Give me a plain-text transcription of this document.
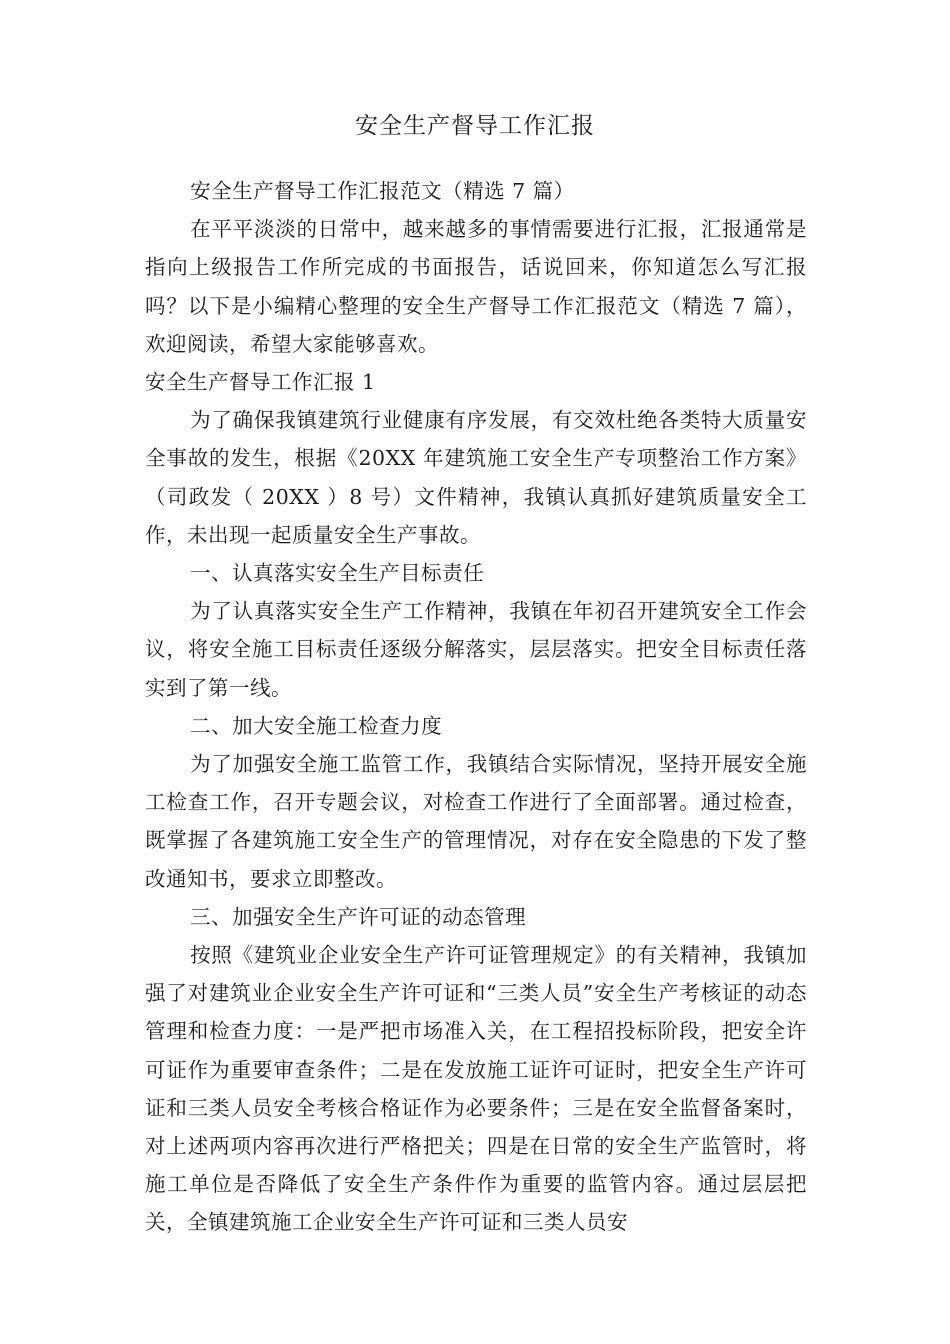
安全生产督导工作汇报

安全生产督导工作汇报范文（精选 7 篇）

在平平淡淡的日常中，越来越多的事情需要进行汇报，汇报通常是指向上级报告工作所完成的书面报告，话说回来，你知道怎么写汇报吗？以下是小编精心整理的安全生产督导工作汇报范文（精选 7 篇），欢迎阅读，希望大家能够喜欢。

安全生产督导工作汇报 1

为了确保我镇建筑行业健康有序发展，有交效杜绝各类特大质量安全事故的发生，根据《20XX 年建筑施工安全生产专项整治工作方案》（司政发（ 20XX ）8 号）文件精神，我镇认真抓好建筑质量安全工作，未出现一起质量安全生产事故。

一、认真落实安全生产目标责任

为了认真落实安全生产工作精神，我镇在年初召开建筑安全工作会议，将安全施工目标责任逐级分解落实，层层落实。把安全目标责任落实到了第一线。

二、加大安全施工检查力度

为了加强安全施工监管工作，我镇结合实际情况，坚持开展安全施工检查工作，召开专题会议，对检查工作进行了全面部署。通过检查，既掌握了各建筑施工安全生产的管理情况，对存在安全隐患的下发了整改通知书，要求立即整改。

三、加强安全生产许可证的动态管理

按照《建筑业企业安全生产许可证管理规定》的有关精神，我镇加强了对建筑业企业安全生产许可证和“三类人员”安全生产考核证的动态管理和检查力度：一是严把市场准入关，在工程招投标阶段，把安全许可证作为重要审查条件；二是在发放施工证许可证时，把安全生产许可证和三类人员安全考核合格证作为必要条件；三是在安全监督备案时，对上述两项内容再次进行严格把关；四是在日常的安全生产监管时，将施工单位是否降低了安全生产条件作为重要的监管内容。通过层层把关，全镇建筑施工企业安全生产许可证和三类人员安
